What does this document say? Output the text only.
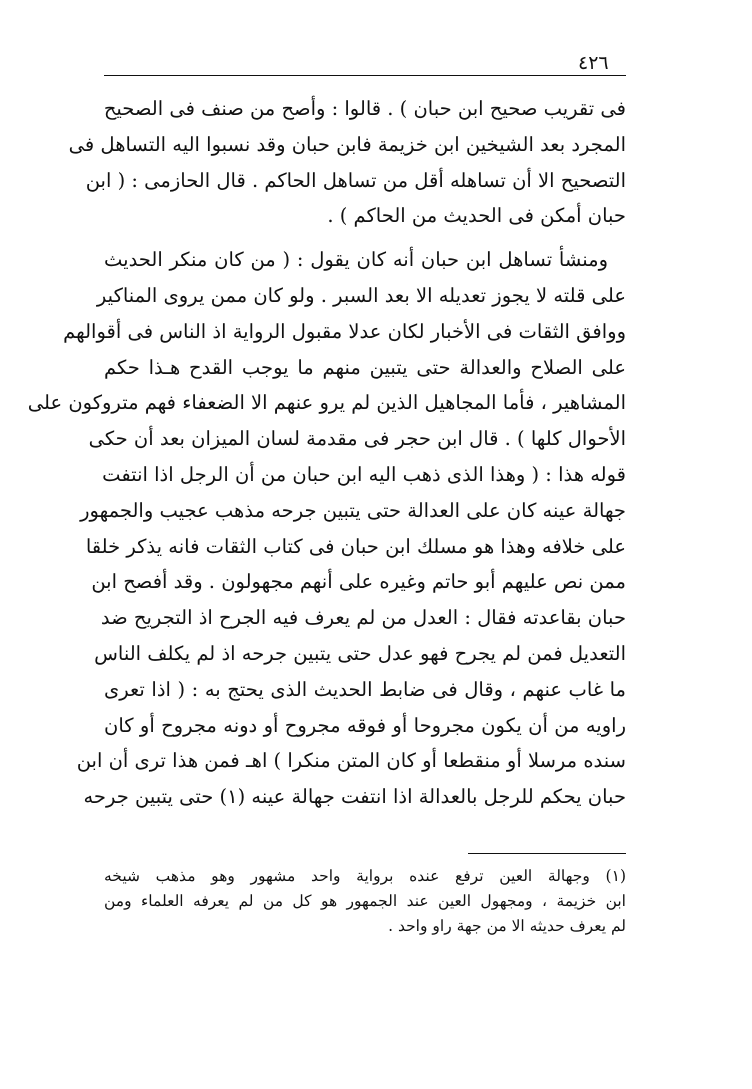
٤٢٦
فى تقريب صحيح ابن حبان ) . قالوا : وأصح من صنف فى الصحيح
المجرد بعد الشيخين ابن خزيمة فابن حبان وقد نسبوا اليه التساهل فى
التصحيح الا أن تساهله أقل من تساهل الحاكم . قال الحازمى : ( ابن
حبان أمكن فى الحديث من الحاكم ) .
ومنشأ تساهل ابن حبان أنه كان يقول : ( من كان منكر الحديث
على قلته لا يجوز تعديله الا بعد السبر . ولو كان ممن يروى المناكير
ووافق الثقات فى الأخبار لكان عدلا مقبول الرواية اذ الناس فى أقوالهم
على الصلاح والعدالة حتى يتبين منهم ما يوجب القدح هـذا حكم
المشاهير ، فأما المجاهيل الذين لم يرو عنهم الا الضعفاء فهم متروكون على
الأحوال كلها ) . قال ابن حجر فى مقدمة لسان الميزان بعد أن حكى
قوله هذا : ( وهذا الذى ذهب اليه ابن حبان من أن الرجل اذا انتفت
جهالة عينه كان على العدالة حتى يتبين جرحه مذهب عجيب والجمهور
على خلافه وهذا هو مسلك ابن حبان فى كتاب الثقات فانه يذكر خلقا
ممن نص عليهم أبو حاتم وغيره على أنهم مجهولون . وقد أفصح ابن
حبان بقاعدته فقال : العدل من لم يعرف فيه الجرح اذ التجريح ضد
التعديل فمن لم يجرح فهو عدل حتى يتبين جرحه اذ لم يكلف الناس
ما غاب عنهم ، وقال فى ضابط الحديث الذى يحتج به : ( اذا تعرى
راويه من أن يكون مجروحا أو فوقه مجروح أو دونه مجروح أو كان
سنده مرسلا أو منقطعا أو كان المتن منكرا ) اهـ فمن هذا ترى أن ابن
حبان يحكم للرجل بالعدالة اذا انتفت جهالة عينه (١) حتى يتبين جرحه
(١) وجهالة العين ترفع عنده برواية واحد مشهور وهو مذهب شيخه
ابن خزيمة ، ومجهول العين عند الجمهور هو كل من لم يعرفه العلماء ومن
لم يعرف حديثه الا من جهة راو واحد .
